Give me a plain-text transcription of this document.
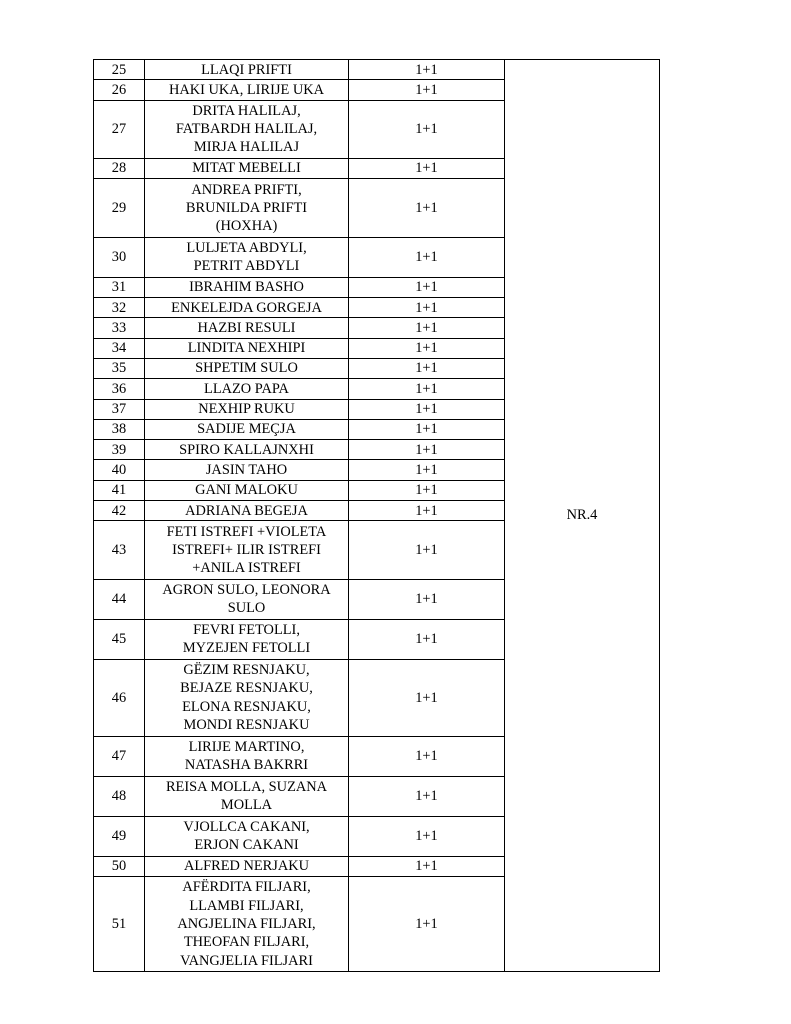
25	LLAQI PRIFTI	1+1	NR.4
26	HAKI UKA, LIRIJE UKA	1+1	
27	DRITA HALILAJ,
FATBARDH HALILAJ,
MIRJA HALILAJ	1+1	
28	MITAT MEBELLI	1+1	
29	ANDREA PRIFTI,
BRUNILDA PRIFTI
(HOXHA)	1+1	
30	LULJETA ABDYLI,
PETRIT ABDYLI	1+1	
31	IBRAHIM BASHO	1+1	
32	ENKELEJDA GORGEJA	1+1	
33	HAZBI RESULI	1+1	
34	LINDITA NEXHIPI	1+1	
35	SHPETIM SULO	1+1	
36	LLAZO PAPA	1+1	
37	NEXHIP RUKU	1+1	
38	SADIJE MEÇJA	1+1	
39	SPIRO KALLAJNXHI	1+1	
40	JASIN TAHO	1+1	
41	GANI MALOKU	1+1	
42	ADRIANA BEGEJA	1+1	
43	FETI ISTREFI +VIOLETA
ISTREFI+ ILIR ISTREFI
+ANILA ISTREFI	1+1	
44	AGRON SULO, LEONORA
SULO	1+1	
45	FEVRI FETOLLI,
MYZEJEN FETOLLI	1+1	
46	GËZIM RESNJAKU,
BEJAZE RESNJAKU,
ELONA RESNJAKU,
MONDI RESNJAKU	1+1	
47	LIRIJE MARTINO,
NATASHA BAKRRI	1+1	
48	REISA MOLLA, SUZANA
MOLLA	1+1	
49	VJOLLCA CAKANI,
ERJON CAKANI	1+1	
50	ALFRED NERJAKU	1+1	
51	AFËRDITA FILJARI,
LLAMBI FILJARI,
ANGJELINA FILJARI,
THEOFAN FILJARI,
VANGJELIA FILJARI	1+1	
